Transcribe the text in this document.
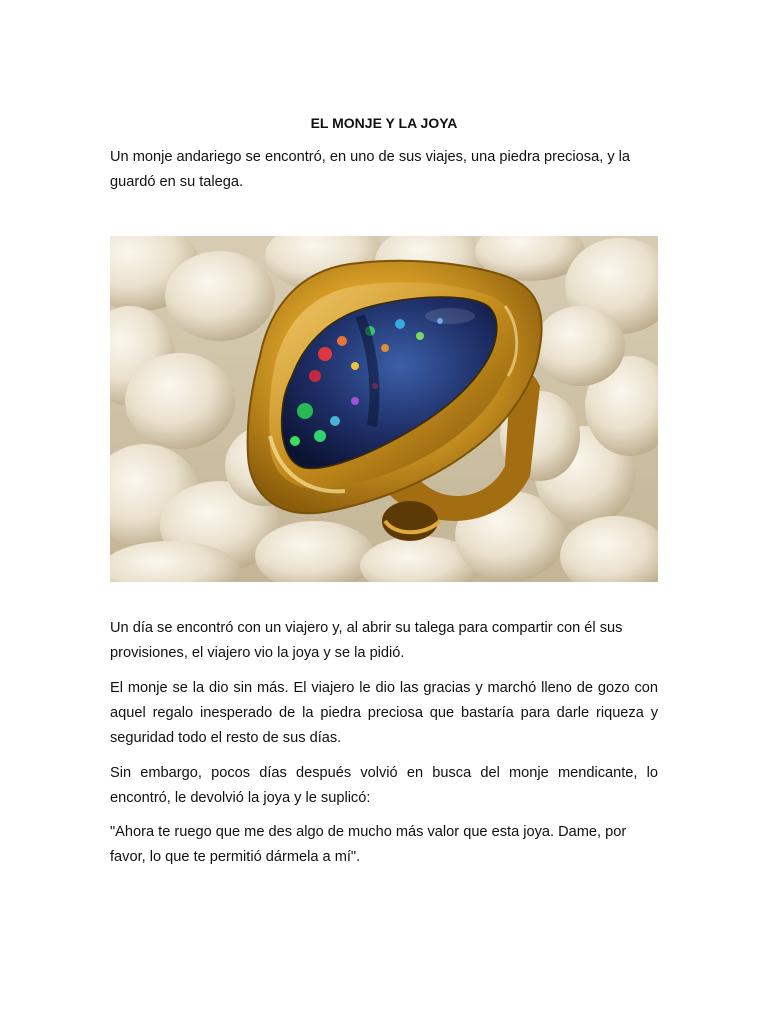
EL MONJE Y LA JOYA

Un monje andariego se encontró, en uno de sus viajes, una piedra preciosa, y la guardó en su talega.

Un día se encontró con un viajero y, al abrir su talega para compartir con él sus provisiones, el viajero vio la joya y se la pidió.

El monje se la dio sin más. El viajero le dio las gracias y marchó lleno de gozo con aquel regalo inesperado de la piedra preciosa que bastaría para darle riqueza y seguridad todo el resto de sus días.

Sin embargo, pocos días después volvió en busca del monje mendicante, lo encontró, le devolvió la joya y le suplicó:

"Ahora te ruego que me des algo de mucho más valor que esta joya. Dame, por favor, lo que te permitió dármela a mí".
